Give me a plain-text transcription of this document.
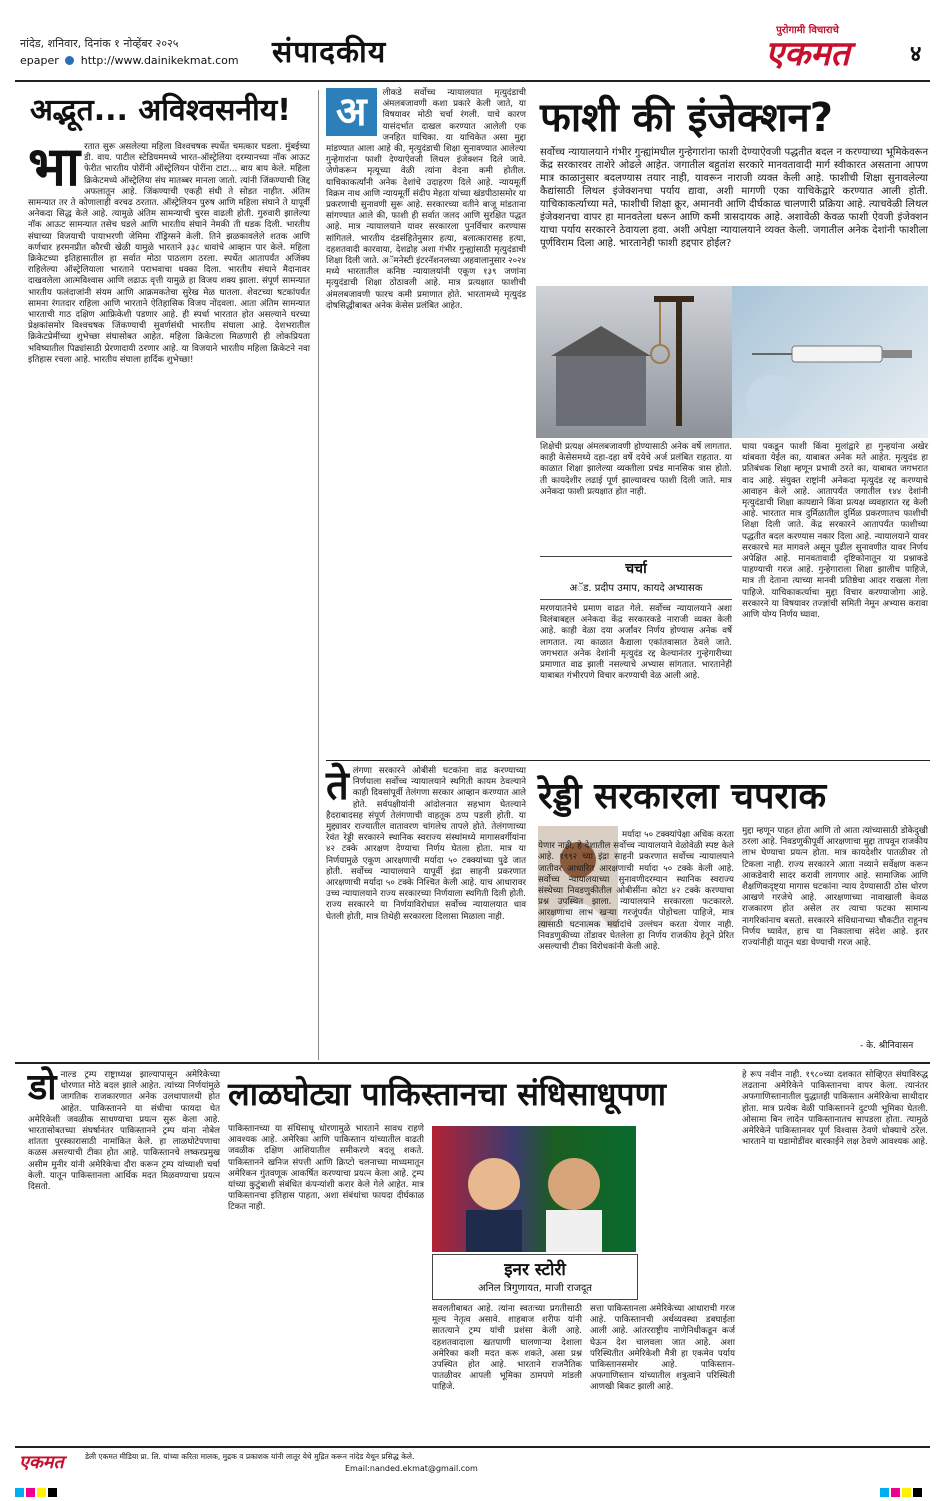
नांदेड, शनिवार, दिनांक १ नोव्हेंबर २०२५
epaper http://www.dainikekmat.com संपादकीय
पुरोगामी विचाराचे
एकमत	४
अद्भूत... अविश्वसनीय!
भा रतात सुरू असलेल्या महिला विश्वचषक स्पर्धेत चमत्कार घडला. मुंबईच्या डी. वाय. पाटील स्टेडियममध्ये भारत-ऑस्ट्रेलिया दरम्यानच्या नॉक आऊट फेरीत भारतीय पोरींनी ऑस्ट्रेलियन पोरींना टाटा... बाय बाय केले. महिला क्रिकेटमध्ये ऑस्ट्रेलिया संघ मातब्बर मानला जातो. त्यांनी जिंकण्याची जिद्द अफलातून आहे. जिंकण्याची एकही संधी ते सोडत नाहीत. अंतिम सामन्यात तर ते कोणालाही वरचढ ठरतात. ऑस्ट्रेलियन पुरुष आणि महिला संघाने ते यापूर्वी अनेकदा सिद्ध केले आहे. त्यामुळे अंतिम सामन्याची चुरस वाढली होती. गुरुवारी झालेल्या नॉक आऊट सामन्यात तसेच घडले आणि भारतीय संघाने नेमकी ती धडक दिली. भारतीय संघाच्या विजयाची पायाभरणी जेमिमा रॉड्रिग्सने केली. तिने झळकावलेले शतक आणि कर्णधार हरमनप्रीत कौरची खेळी यामुळे भारताने ३३८ धावांचे आव्हान पार केले. महिला क्रिकेटच्या इतिहासातील हा सर्वात मोठा पाठलाग ठरला. स्पर्धेत आतापर्यंत अजिंक्य राहिलेल्या ऑस्ट्रेलियाला भारताने पराभवाचा धक्का दिला. भारतीय संघाने मैदानावर दाखवलेला आत्मविश्वास आणि लढाऊ वृत्ती यामुळे हा विजय शक्य झाला. संपूर्ण सामन्यात भारतीय फलंदाजांनी संयम आणि आक्रमकतेचा सुरेख मेळ घातला. शेवटच्या षटकांपर्यंत सामना रंगतदार राहिला आणि भारताने ऐतिहासिक विजय नोंदवला. आता अंतिम सामन्यात भारताची गाठ दक्षिण आफ्रिकेशी पडणार आहे. ही स्पर्धा भारतात होत असल्याने घरच्या प्रेक्षकांसमोर विश्वचषक जिंकण्याची सुवर्णसंधी भारतीय संघाला आहे. देशभरातील क्रिकेटप्रेमींच्या शुभेच्छा संघासोबत आहेत. महिला क्रिकेटला मिळणारी ही लोकप्रियता भविष्यातील पिढ्यांसाठी प्रेरणादायी ठरणार आहे. या विजयाने भारतीय महिला क्रिकेटने नवा इतिहास रचला आहे. भारतीय संघाला हार्दिक शुभेच्छा!

अ	लीकडे सर्वोच्च न्यायालयात मृत्युदंडाची अंमलबजावणी कशा प्रकारे केली जाते, या विषयावर मोठी चर्चा रंगली. याचे कारण यासंदर्भात दाखल करण्यात आलेली एक जनहित याचिका. या याचिकेत असा मुद्दा मांडण्यात आला आहे की, मृत्युदंडाची शिक्षा सुनावण्यात आलेल्या गुन्हेगारांना फाशी देण्याऐवजी लिथल इंजेक्शन दिले जावे. जेणेकरून मृत्यूच्या वेळी त्यांना वेदना कमी होतील. याचिकाकर्त्यांनी अनेक देशांचे उदाहरण दिले आहे. न्यायमूर्ती विक्रम नाथ आणि न्यायमूर्ती संदीप मेहता यांच्या खंडपीठासमोर या प्रकरणाची सुनावणी सुरू आहे. सरकारच्या वतीने बाजू मांडताना सांगण्यात आले की, फाशी ही सर्वात जलद आणि सुरक्षित पद्धत आहे. मात्र न्यायालयाने यावर सरकारला पुनर्विचार करण्यास सांगितले. भारतीय दंडसंहितेनुसार हत्या, बलात्कारासह हत्या, दहशतवादी कारवाया, देशद्रोह अशा गंभीर गुन्ह्यांसाठी मृत्युदंडाची शिक्षा दिली जाते. अॅमनेस्टी इंटरनॅशनलच्या अहवालानुसार २०२४ मध्ये भारतातील कनिष्ठ न्यायालयांनी एकूण १३९ जणांना मृत्युदंडाची शिक्षा ठोठावली आहे. मात्र प्रत्यक्षात फाशीची अंमलबजावणी फारच कमी प्रमाणात होते. भारतामध्ये मृत्युदंड दोषसिद्धीबाबत अनेक केसेस प्रलंबित आहेत.

फाशी की इंजेक्शन?

सर्वोच्च न्यायालयाने गंभीर गुन्ह्यांमधील गुन्हेगारांना फाशी देण्याऐवजी पद्धतीत बदल न करण्याच्या भूमिकेवरून केंद्र सरकारवर ताशेरे ओढले आहेत. जगातील बहुतांश सरकारे मानवतावादी मार्ग स्वीकारत असताना आपण मात्र काळानुसार बदलण्यास तयार नाही, यावरून नाराजी व्यक्त केली आहे. फाशीची शिक्षा सुनावलेल्या कैद्यांसाठी लिथल इंजेक्शनचा पर्याय द्यावा, अशी मागणी एका याचिकेद्वारे करण्यात आली होती. याचिकाकर्त्याच्या मते, फाशीची शिक्षा क्रूर, अमानवी आणि दीर्घकाळ चालणारी प्रक्रिया आहे. त्याचवेळी लिथल इंजेक्शनचा वापर हा मानवतेला धरून आणि कमी त्रासदायक आहे. अशावेळी केवळ फाशी ऐवजी इंजेक्शन याचा पर्याय सरकारने ठेवायला हवा. अशी अपेक्षा न्यायालयाने व्यक्त केली. जगातील अनेक देशांनी फाशीला पूर्णविराम दिला आहे. भारतानेही फाशी हद्दपार होईल?

शिक्षेची प्रत्यक्ष अंमलबजावणी होण्यासाठी अनेक वर्षे लागतात. काही केसेसमध्ये दहा-दहा वर्षे दयेचे अर्ज प्रलंबित राहतात. या काळात शिक्षा झालेल्या व्यक्तीला प्रचंड मानसिक त्रास होतो. ती कायदेशीर लढाई पूर्ण झाल्यावरच फाशी दिली जाते. मात्र अनेकदा फाशी प्रत्यक्षात होत नाही.

घाया पकडून फाशी किंवा मुलांद्वारे हा गुन्हयांना अखेर थांबवता येईल का, याबाबत अनेक मते आहेत. मृत्युदंड हा प्रतिबंधक शिक्षा म्हणून प्रभावी ठरते का, याबाबत जगभरात वाद आहे. संयुक्त राष्ट्रांनी अनेकदा मृत्युदंड रद्द करण्याचे आवाहन केले आहे. आतापर्यंत जगातील १४४ देशांनी मृत्युदंडाची शिक्षा कायद्याने किंवा प्रत्यक्ष व्यवहारात रद्द केली आहे. भारतात मात्र दुर्मिळातील दुर्मिळ प्रकरणातच फाशीची शिक्षा दिली जाते. केंद्र सरकारने आतापर्यंत फाशीच्या पद्धतीत बदल करण्यास नकार दिला आहे. न्यायालयाने यावर सरकारचे मत मागवले असून पुढील सुनावणीत यावर निर्णय अपेक्षित आहे. मानवतावादी दृष्टिकोनातून या प्रश्नाकडे पाहण्याची गरज आहे. गुन्हेगाराला शिक्षा झालीच पाहिजे, मात्र ती देताना त्याच्या मानवी प्रतिष्ठेचा आदर राखला गेला पाहिजे. याचिकाकर्त्याचा मुद्दा विचार करण्याजोगा आहे. सरकारने या विषयावर तज्ज्ञांची समिती नेमून अभ्यास करावा आणि योग्य निर्णय घ्यावा.

चर्चा
अॅड. प्रदीप उमाप, कायदे अभ्यासक

मरणयातनेचे प्रमाण वाढत गेले. सर्वोच्च न्यायालयाने अशा विलंबाबद्दल अनेकदा केंद्र सरकारकडे नाराजी व्यक्त केली आहे. काही वेळा दया अर्जांवर निर्णय होण्यास अनेक वर्षे लागतात. त्या काळात कैद्याला एकांतवासात ठेवले जाते. जगभरात अनेक देशांनी मृत्युदंड रद्द केल्यानंतर गुन्हेगारीच्या प्रमाणात वाढ झाली नसल्याचे अभ्यास सांगतात. भारतानेही याबाबत गंभीरपणे विचार करण्याची वेळ आली आहे.

ते लंगणा सरकारने ओबीसी घटकांना वाढ करण्याच्या निर्णयाला सर्वोच्च न्यायालयाने स्थगिती कायम ठेवल्याने काही दिवसांपूर्वी तेलंगणा सरकार आव्हान करण्यात आले होते. सर्वपक्षीयांनी आंदोलनात सहभाग घेतल्याने हैदराबादसह संपूर्ण तेलंगणाची वाहतूक ठप्प पडली होती. या मुद्द्यावर राज्यातील वातावरण चांगलेच तापले होते. तेलंगणाच्या रेवंत रेड्डी सरकारने स्थानिक स्वराज्य संस्थांमध्ये मागासवर्गीयांना ४२ टक्के आरक्षण देण्याचा निर्णय घेतला होता. मात्र या निर्णयामुळे एकूण आरक्षणाची मर्यादा ५० टक्क्यांच्या पुढे जात होती. सर्वोच्च न्यायालयाने यापूर्वी इंद्रा साहनी प्रकरणात आरक्षणाची मर्यादा ५० टक्के निश्चित केली आहे. याच आधारावर उच्च न्यायालयाने राज्य सरकारच्या निर्णयाला स्थगिती दिली होती. राज्य सरकारने या निर्णयाविरोधात सर्वोच्च न्यायालयात धाव घेतली होती, मात्र तिथेही सरकारला दिलासा मिळाला नाही.

रेड्डी सरकारला चपराक

मर्यादा ५० टक्क्यांपेक्षा अधिक करता येणार नाही, हे देशातील सर्वोच्च न्यायालयाने वेळोवेळी स्पष्ट केले आहे. १९९२ च्या इंद्रा साहनी प्रकरणात सर्वोच्च न्यायालयाने जातीवर आधारित आरक्षणाची मर्यादा ५० टक्के केली आहे. सर्वोच्च न्यायालयाच्या सुनावणीदरम्यान स्थानिक स्वराज्य संस्थेच्या निवडणुकीतील ओबीसींना कोटा ४२ टक्के करण्याचा प्रश्न उपस्थित झाला. न्यायालयाने सरकारला फटकारले. आरक्षणाचा लाभ खऱ्या गरजूंपर्यंत पोहोचला पाहिजे, मात्र त्यासाठी घटनात्मक मर्यादांचे उल्लंघन करता येणार नाही. निवडणुकीच्या तोंडावर घेतलेला हा निर्णय राजकीय हेतूने प्रेरित असल्याची टीका विरोधकांनी केली आहे.

मुद्दा म्हणून पाहत होता आणि तो आता त्यांच्यासाठी डोकेदुखी ठरला आहे. निवडणुकीपूर्वी आरक्षणाचा मुद्दा तापवून राजकीय लाभ घेण्याचा प्रयत्न होता. मात्र कायदेशीर पातळीवर तो टिकला नाही. राज्य सरकारने आता नव्याने सर्वेक्षण करून आकडेवारी सादर करावी लागणार आहे. सामाजिक आणि शैक्षणिकदृष्ट्या मागास घटकांना न्याय देण्यासाठी ठोस धोरण आखणे गरजेचे आहे. आरक्षणाच्या नावाखाली केवळ राजकारण होत असेल तर त्याचा फटका सामान्य नागरिकांनाच बसतो. सरकारने संविधानाच्या चौकटीत राहूनच निर्णय घ्यावेत, हाच या निकालाचा संदेश आहे. इतर राज्यांनीही यातून धडा घेण्याची गरज आहे.

- के. श्रीनिवासन
डो नाल्ड ट्रम्प राष्ट्राध्यक्ष झाल्यापासून अमेरिकेच्या धोरणात मोठे बदल झाले आहेत. त्यांच्या निर्णयांमुळे जागतिक राजकारणात अनेक उलथापालथी होत आहेत. पाकिस्तानने या संधीचा फायदा घेत अमेरिकेशी जवळीक साधण्याचा प्रयत्न सुरू केला आहे. भारतासोबतच्या संघर्षानंतर पाकिस्तानने ट्रम्प यांना नोबेल शांतता पुरस्कारासाठी नामांकित केले. हा लाळघोटेपणाचा कळस असल्याची टीका होत आहे. पाकिस्तानचे लष्करप्रमुख असीम मुनीर यांनी अमेरिकेचा दौरा करून ट्रम्प यांच्याशी चर्चा केली. यातून पाकिस्तानला आर्थिक मदत मिळवण्याचा प्रयत्न दिसतो.

लाळघोट्या पाकिस्तानचा संधिसाधूपणा

पाकिस्तानच्या या संधिसाधू धोरणामुळे भारताने सावध राहणे आवश्यक आहे. अमेरिका आणि पाकिस्तान यांच्यातील वाढती जवळीक दक्षिण आशियातील समीकरणे बदलू शकते. पाकिस्तानने खनिज संपत्ती आणि क्रिप्टो चलनाच्या माध्यमातून अमेरिकन गुंतवणूक आकर्षित करण्याचा प्रयत्न केला आहे. ट्रम्प यांच्या कुटुंबाशी संबंधित कंपन्यांशी करार केले गेले आहेत. मात्र पाकिस्तानचा इतिहास पाहता, अशा संबंधांचा फायदा दीर्घकाळ टिकत नाही.

इनर स्टोरी
अनिल त्रिगुणायत, माजी राजदूत

हे रूप नवीन नाही. १९८०च्या दशकात सोव्हिएत संघाविरुद्ध लढताना अमेरिकेने पाकिस्तानचा वापर केला. त्यानंतर अफगाणिस्तानातील युद्धातही पाकिस्तान अमेरिकेचा साथीदार होता. मात्र प्रत्येक वेळी पाकिस्तानने दुटप्पी भूमिका घेतली. ओसामा बिन लादेन पाकिस्तानातच सापडला होता. त्यामुळे अमेरिकेने पाकिस्तानवर पूर्ण विश्वास ठेवणे धोक्याचे ठरेल. भारताने या घडामोडींवर बारकाईने लक्ष ठेवणे आवश्यक आहे.

सवलतीबाबत आहे. त्यांना स्वतःच्या प्रगतीसाठी मूल्य नेतृत्व असावे. शाहबाज शरीफ यांनी सातत्याने ट्रम्प यांची प्रशंसा केली आहे. दहशतवादाला खतपाणी घालणाऱ्या देशाला अमेरिका कशी मदत करू शकते, असा प्रश्न उपस्थित होत आहे. भारताने राजनैतिक पातळीवर आपली भूमिका ठामपणे मांडली पाहिजे.

सत्ता पाकिस्तानला अमेरिकेच्या आधाराची गरज आहे. पाकिस्तानची अर्थव्यवस्था डबघाईला आली आहे. आंतरराष्ट्रीय नाणेनिधीकडून कर्ज घेऊन देश चालवला जात आहे. अशा परिस्थितीत अमेरिकेशी मैत्री हा एकमेव पर्याय पाकिस्तानसमोर आहे. पाकिस्तान-अफगाणिस्तान यांच्यातील शत्रुत्वाने परिस्थिती आणखी बिकट झाली आहे.

एकमत	डेली एकमत मीडिया प्रा. लि. यांच्या करिता मालक, मुद्रक व प्रकाशक यांनी लातूर येथे मुद्रित करून नांदेड येथून प्रसिद्ध केले.
Email:nanded.ekmat@gmail.com
